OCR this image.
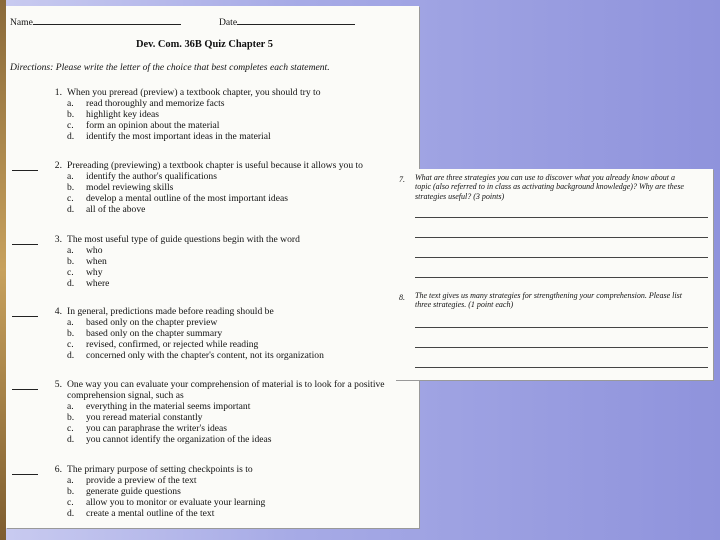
Name	Date
Dev. Com. 36B Quiz Chapter 5
Directions: Please write the letter of the choice that best completes each statement.
1. When you preread (preview) a textbook chapter, you should try to
a. read thoroughly and memorize facts
b. highlight key ideas
c. form an opinion about the material
d. identify the most important ideas in the material
2. Prereading (previewing) a textbook chapter is useful because it allows you to
a. identify the author's qualifications
b. model reviewing skills
c. develop a mental outline of the most important ideas
d. all of the above
3. The most useful type of guide questions begin with the word
a. who
b. when
c. why
d. where
4. In general, predictions made before reading should be
a. based only on the chapter preview
b. based only on the chapter summary
c. revised, confirmed, or rejected while reading
d. concerned only with the chapter's content, not its organization
5. One way you can evaluate your comprehension of material is to look for a positive
comprehension signal, such as
a. everything in the material seems important
b. you reread material constantly
c. you can paraphrase the writer's ideas
d. you cannot identify the organization of the ideas
6. The primary purpose of setting checkpoints is to
a. provide a preview of the text
b. generate guide questions
c. allow you to monitor or evaluate your learning
d. create a mental outline of the text
7. What are three strategies you can use to discover what you already know about a
topic (also referred to in class as activating background knowledge)? Why are these
strategies useful? (3 points)
8. The text gives us many strategies for strengthening your comprehension. Please list
three strategies. (1 point each)
